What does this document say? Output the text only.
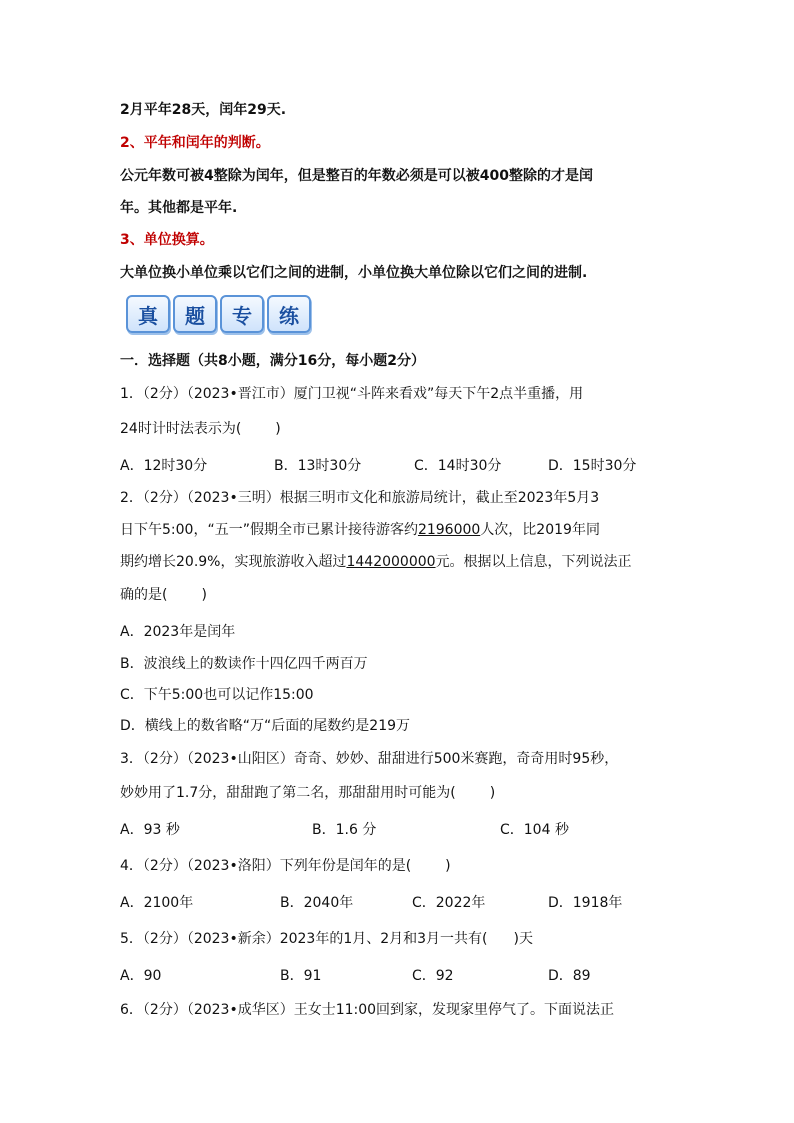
2月平年28天，闰年29天.
2、平年和闰年的判断。
公元年数可被4整除为闰年，但是整百的年数必须是可以被400整除的才是闰
年。其他都是平年.
3、单位换算。
大单位换小单位乘以它们之间的进制，小单位换大单位除以它们之间的进制.
真	题	专	练
一．选择题（共8小题，满分16分，每小题2分）
1．（2分）（2023•晋江市）厦门卫视“斗阵来看戏”每天下午2点半重播，用
24时计时法表示为( )
A．12时30分	B．13时30分	C．14时30分	D．15时30分
2．（2分）（2023•三明）根据三明市文化和旅游局统计，截止至2023年5月3
日下午5:00，“五一”假期全市已累计接待游客约2196000人次，比2019年同
期约增长20.9%，实现旅游收入超过1442000000元。根据以上信息，下列说法正
确的是( )
A．2023年是闰年
B．波浪线上的数读作十四亿四千两百万
C．下午5:00也可以记作15:00
D．横线上的数省略“万“后面的尾数约是219万
3．（2分）（2023•山阳区）奇奇、妙妙、甜甜进行500米赛跑，奇奇用时95秒，
妙妙用了1.7分，甜甜跑了第二名，那甜甜用时可能为( )
A．93 秒	B．1.6 分	C．104 秒
4．（2分）（2023•洛阳）下列年份是闰年的是( )
A．2100年	B．2040年	C．2022年	D．1918年
5．（2分）（2023•新余）2023年的1月、2月和3月一共有( )天
A．90	B．91	C．92	D．89
6．（2分）（2023•成华区）王女士11:00回到家，发现家里停气了。下面说法正
